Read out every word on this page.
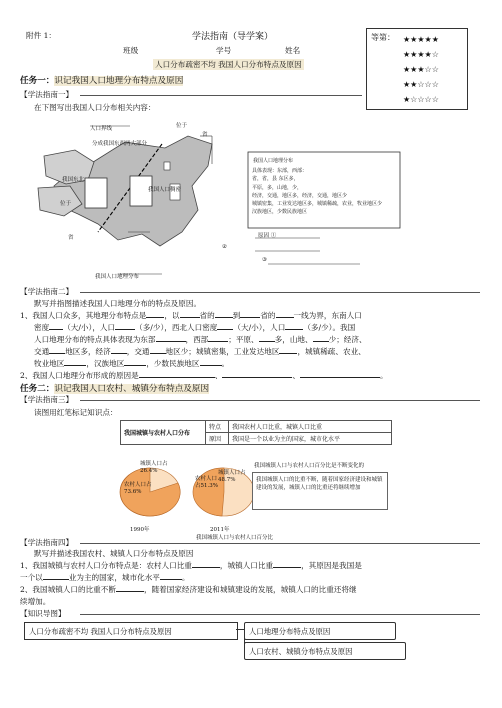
附件 1：	学法指南（导学案）
班级	学号	姓名
人口分布疏密不均 我国人口分布特点及原因
等第： ★★★★★
★★★★☆
★★★☆☆
★★☆☆☆
★☆☆☆☆
任务一：识记我国人口地理分布特点及原因
【学法指南一】
在下图写出我国人口分布相关内容：
人口界线
分成我国东西两大部分
我国东北
位于
我国人口稠密
位于
省
省
我国人口地理分布
我国人口地理分布
具体表现：东部，西部：
省，省，县 东区多，
平原，多，山地，少，
经济，交通，地区多，经济，交通，地区少
城镇密集，工业发达地区多，城镇稀疏，农业，牧业地区少
汉族地区，少数民族地区
原因 ①
②
③
【学法指南二】
默写并指图描述我国人口地理分布的特点及原因。
1、我国人口众多，其地理分布特点是 ，以	省的 到	省的 一线为界，东南人口
密度 （大/小），人口	（多/少），西北人口密度 （大/小），人口 （多/少）。我国
人口地理分布的特点具体表现为东部	，西部	；平原、 多，山地、 少；经济、
交通 地区多，经济 ，交通 地区少；城镇密集，工业发达地区 ，城镇稀疏、农业、
牧业地区	，汉族地区	，少数民族地区	。
2、我国人口地理分布形成的原因是	、	、	。
任务二：识记我国人口农村、城镇分布特点及原因
【学法指南三】
读图用红笔标记知识点：
我国城镇与农村人口分布	特点	我国农村人口比重，城镇人口比重
	原因	我国是一个以业为主的国家，城市化水平
城镇人口占26.4%
农村人口占73.6%
1990年
城镇人口占48.7%
农村人口占51.3%
2011年
我国城镇人口与农村人口百分比
我国城镇人口与农村人口百分比是不断变化的
我国城镇人口的比重不断，随着国家经济建设和城镇建设的发展，城镇人口的比重还将继续增加
【学法指南四】
默写并描述我国农村、城镇人口分布特点及原因
1、我国城镇与农村人口分布特点是：农村人口比重	，城镇人口比重	，其原因是我国是
一个以	业为主的国家，城市化水平	。
2、我国城镇人口的比重不断	，随着国家经济建设和城镇建设的发展，城镇人口的比重还将继
续增加。
【知识导图】
人口分布疏密不均 我国人口分布特点及原因	人口地理分布特点及原因
人口农村、城镇分布特点及原因
